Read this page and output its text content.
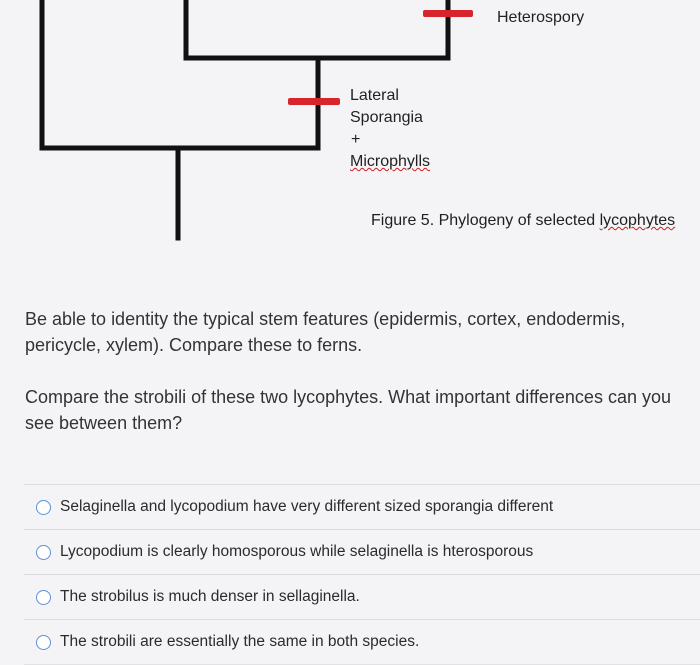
Heterospory
Lateral
Sporangia
+
Microphylls
Figure 5. Phylogeny of selected lycophytes
Be able to identity the typical stem features (epidermis, cortex, endodermis, pericycle, xylem). Compare these to ferns.
Compare the strobili of these two lycophytes. What important differences can you see between them?
Selaginella and lycopodium have very different sized sporangia different
Lycopodium is clearly homosporous while selaginella is hterosporous
The strobilus is much denser in sellaginella.
The strobili are essentially the same in both species.
